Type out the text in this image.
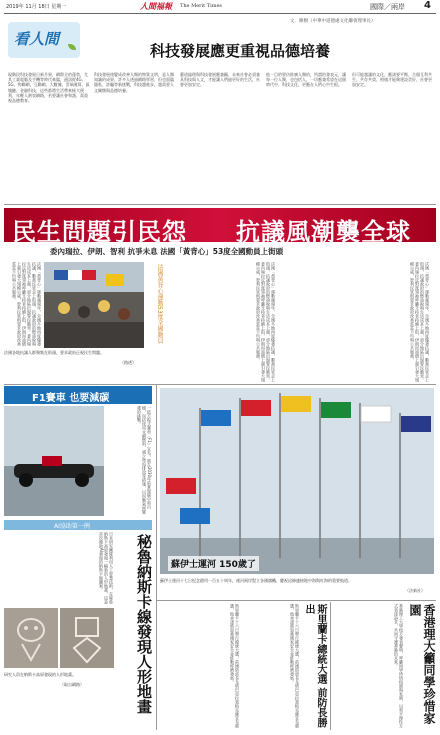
2019年 11月 18日 星期一	人間福報 The Merit Times	國際／兩岸 4
看人間
文．陳樹（中華中道德處文化繼會理事長）
科技發展應更重視品德培養
現階段科技發展日新月異，網際全的蓬勃，尤其工業電腦及手機等時代來臨，通訊從4G、5G、物聯網、互聯網、大數據、雲端運算、區塊鏈、金融科技，這些都將生活帶來極大便利，年輕人熱衷網路，若要讓社會和諧，需重視品德教育。
科技發展使變成改善人類的物質文明，是人類知識的成果。許多人透過網路學習，但也面臨隱私、詐騙等新挑戰，科技越進步，越需要人文關懷與品德培養。
藝道倫理與科技發展應兼顧，未來社會必須兼具科技與人文，才能讓人們過更好的生活，社會更加安定。
他一目的要仿推廣人類的，所謂的發表元，讓每一位人類，也包括人，一切應兼希望在這個時代中，科技文化，更應在人們心中生根。
但可能越讓的文化，應該要平衡，合個互利共生，共存共榮，相遇才能夠建設美好，社會更加安定。
民生問題引民怨 抗議風潮襲全球
委內瑞拉、伊朗、智利 抗爭未息 法國「黃背心」53度全國動員上街頭
法國黃背心運動53度全國動員
法國「黃背心」運動滿週年，全國多地再度爆發抗議，數萬民眾走上街頭，抗議政府的燃油稅與生活成本上漲，部分地區出現警民衝突。委內瑞拉反對派領袖呼籲支持者持續上街，伊朗因油價上漲引發大規模示威，智利民眾則要求政府改善貧富不均與公共服務。	法國「黃背心」運動滿週年，全國多地再度爆發抗議，數萬民眾走上街頭，抗議政府的燃油稅與生活成本上漲，部分地區出現警民衝突。委內瑞拉反對派領袖呼籲支持者持續上街，伊朗因油價上漲引發大規模示威，智利民眾則要求政府改善貧富不均與公共服務。	法國「黃背心」運動滿週年，全國多地再度爆發抗議，數萬民眾走上街頭，抗議政府的燃油稅與生活成本上漲，部分地區出現警民衝突。委內瑞拉反對派領袖呼籲支持者持續上街，伊朗因油價上漲引發大規模示威，智利民眾則要求政府改善貧富不均與公共服務。
法國各地抗議人群聚集在街頭，要求政府正視民生問題。
（路透）
F1賽車 也要減碳
一級方程式賽車（F1）宣布，將在2030年前實現碳中和目標，包括使用永續燃料、減少物流排放等措施，以因應氣候變遷的挑戰。
AI協助第一例
日本研究團隊利用人工智慧技術，在秘魯納斯卡高原發現一幅新的人形地畫，這是首次藉助AI發現的納斯卡線圖案。	秘魯納斯卡線發現人形地畫
研究人員在納斯卡高原發現的人形地畫。
（取自網路）
蘇伊士運河 150歲了
蘇伊士運河十七日紀念啟用一百五十周年，運河兩岸豎立各國旗幟，慶祝這條連接地中海與紅海的重要航道。
（法新社）
斯里蘭卡十六日舉行總統大選，前國防部長戈塔巴亞拉賈帕克薩宣布勝選，他承諾將加強國家安全並推動經濟發展。	斯里蘭卡十六日舉行總統大選，前國防部長戈塔巴亞拉賈帕克薩宣布勝選，他承諾將加強國家安全並推動經濟發展。	斯里蘭卡總統大選 前防長勝出	香港理工大學校方發表聲明，呼籲同學珍惜校園與家園，以和平理性方式表達訴求，共同守護香港的未來。	香港理大籲同學珍惜家園
